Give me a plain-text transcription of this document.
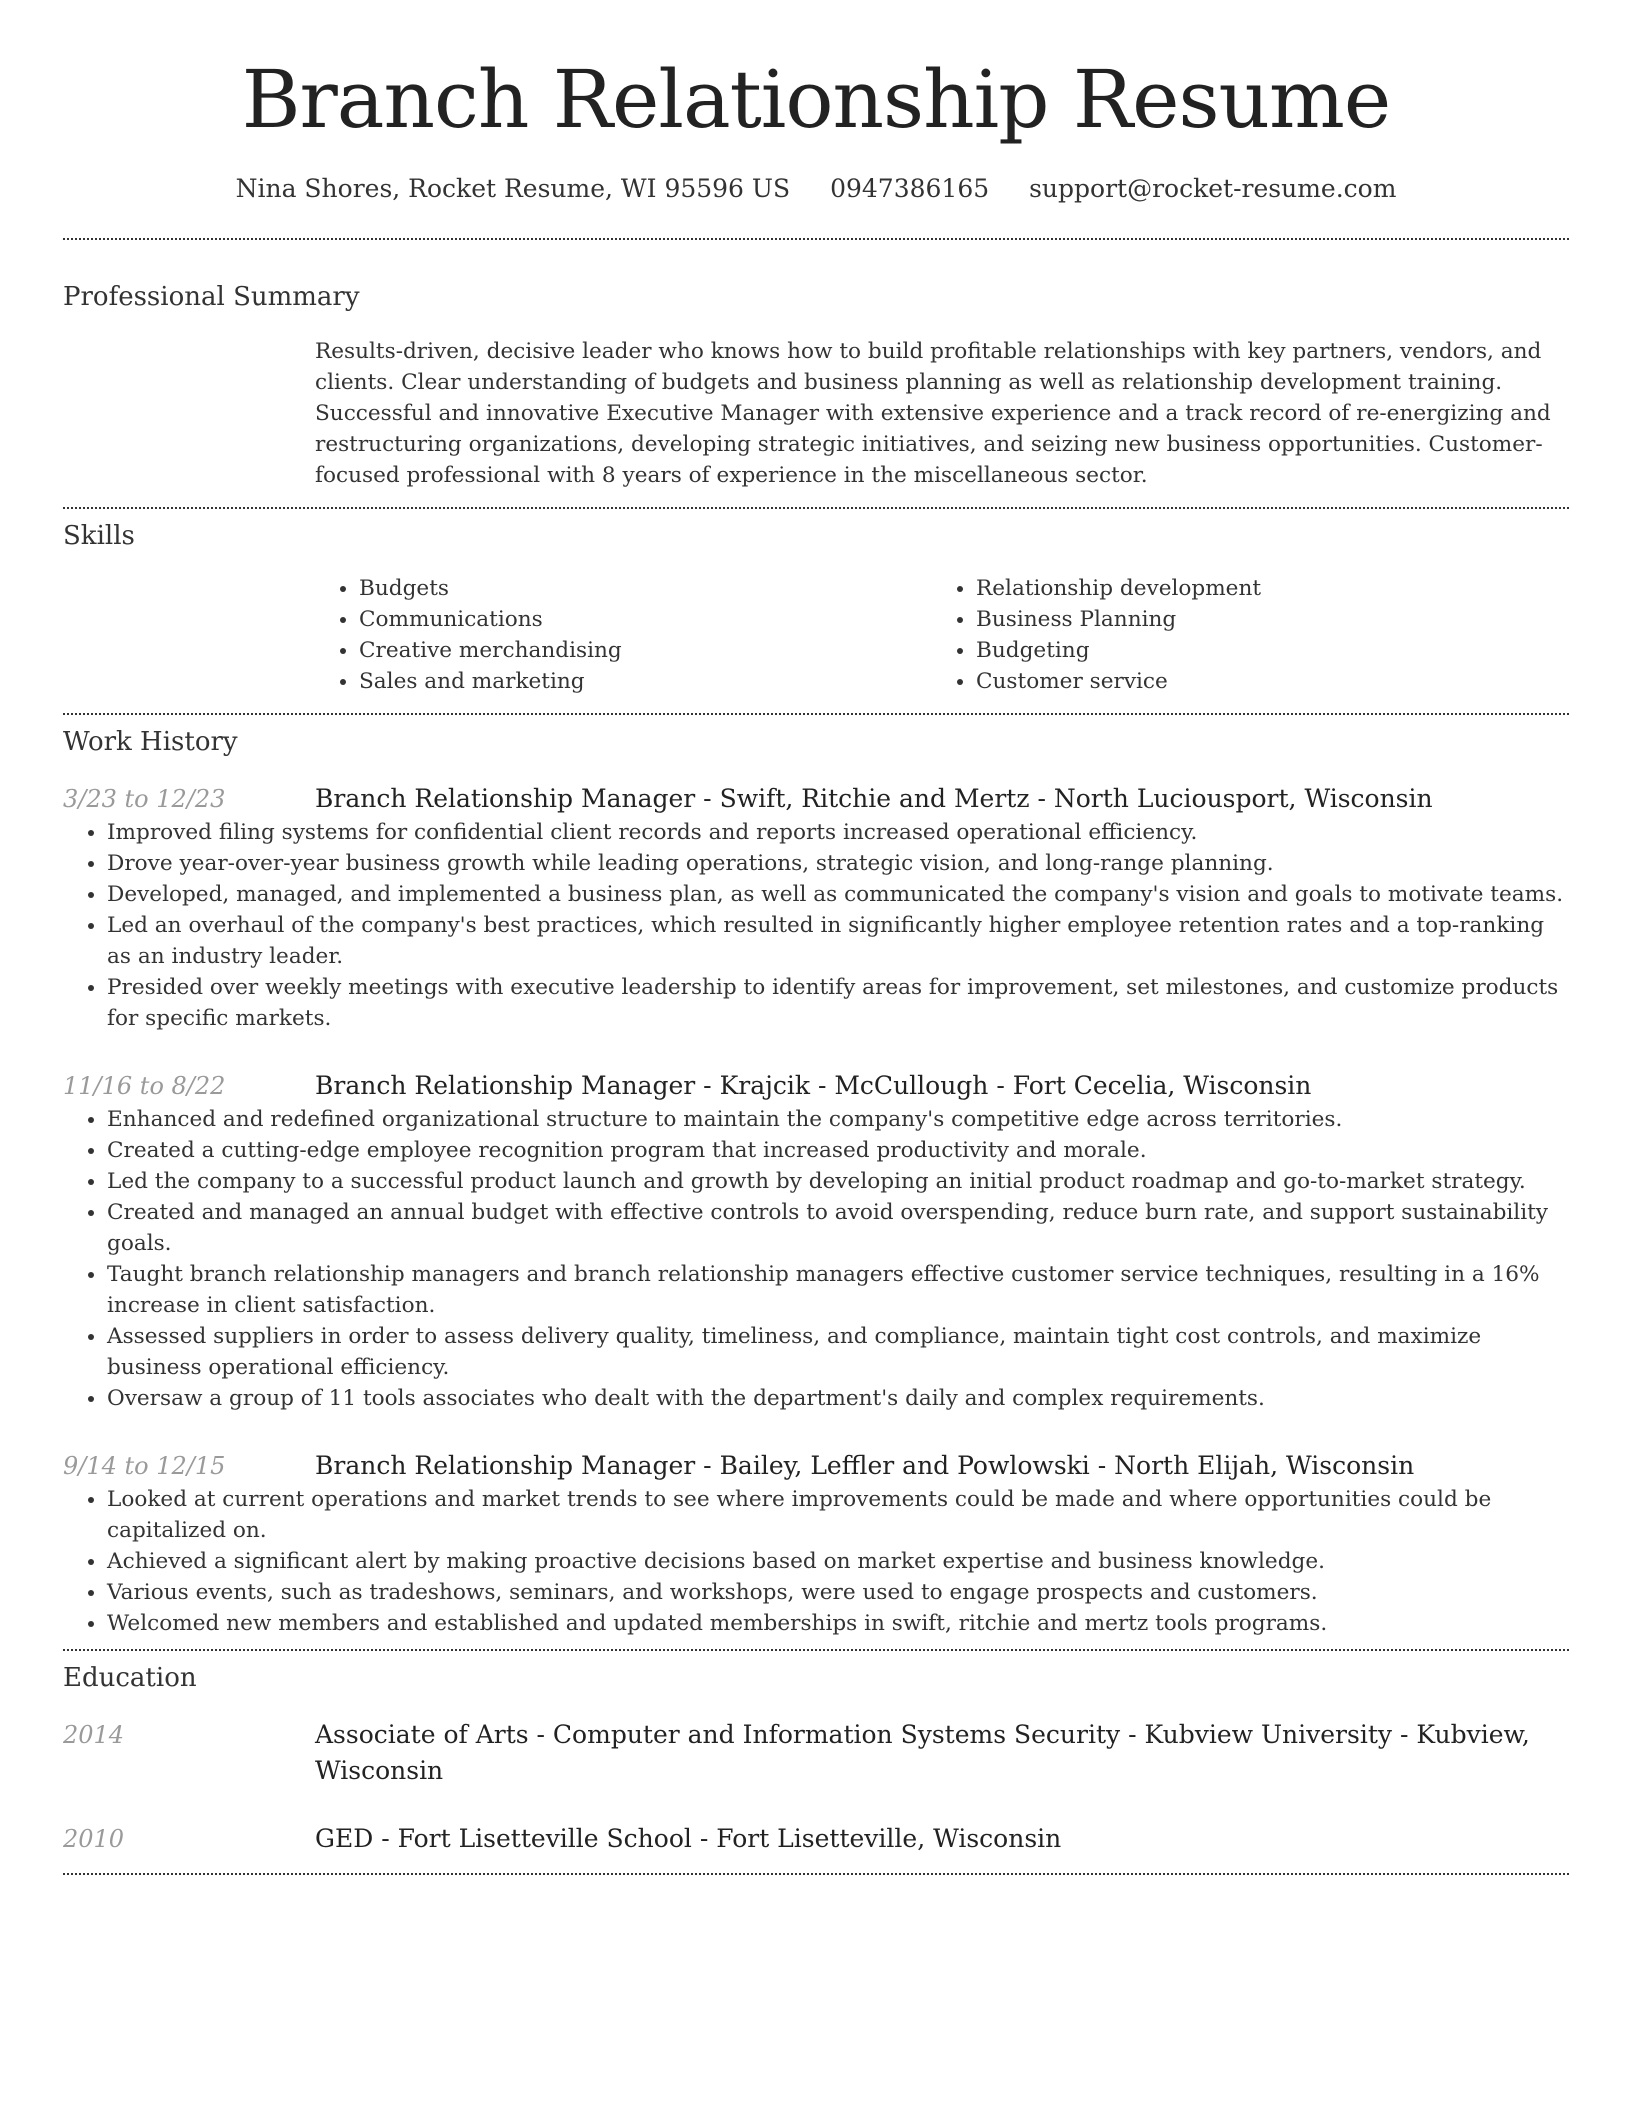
Branch Relationship Resume
Nina Shores, Rocket Resume, WI 95596 US 0947386165 support@rocket-resume.com
Professional Summary
Results-driven, decisive leader who knows how to build profitable relationships with key partners, vendors, and clients. Clear understanding of budgets and business planning as well as relationship development training. Successful and innovative Executive Manager with extensive experience and a track record of re-energizing and restructuring organizations, developing strategic initiatives, and seizing new business opportunities. Customer-focused professional with 8 years of experience in the miscellaneous sector.
Skills
• Budgets
• Communications
• Creative merchandising
• Sales and marketing
• Relationship development
• Business Planning
• Budgeting
• Customer service
Work History
3/23 to 12/23	Branch Relationship Manager - Swift, Ritchie and Mertz - North Luciousport, Wisconsin
• Improved filing systems for confidential client records and reports increased operational efficiency.
• Drove year-over-year business growth while leading operations, strategic vision, and long-range planning.
• Developed, managed, and implemented a business plan, as well as communicated the company's vision and goals to motivate teams.
• Led an overhaul of the company's best practices, which resulted in significantly higher employee retention rates and a top-ranking as an industry leader.
• Presided over weekly meetings with executive leadership to identify areas for improvement, set milestones, and customize products for specific markets.
11/16 to 8/22	Branch Relationship Manager - Krajcik - McCullough - Fort Cecelia, Wisconsin
• Enhanced and redefined organizational structure to maintain the company's competitive edge across territories.
• Created a cutting-edge employee recognition program that increased productivity and morale.
• Led the company to a successful product launch and growth by developing an initial product roadmap and go-to-market strategy.
• Created and managed an annual budget with effective controls to avoid overspending, reduce burn rate, and support sustainability goals.
• Taught branch relationship managers and branch relationship managers effective customer service techniques, resulting in a 16% increase in client satisfaction.
• Assessed suppliers in order to assess delivery quality, timeliness, and compliance, maintain tight cost controls, and maximize business operational efficiency.
• Oversaw a group of 11 tools associates who dealt with the department's daily and complex requirements.
9/14 to 12/15	Branch Relationship Manager - Bailey, Leffler and Powlowski - North Elijah, Wisconsin
• Looked at current operations and market trends to see where improvements could be made and where opportunities could be capitalized on.
• Achieved a significant alert by making proactive decisions based on market expertise and business knowledge.
• Various events, such as tradeshows, seminars, and workshops, were used to engage prospects and customers.
• Welcomed new members and established and updated memberships in swift, ritchie and mertz tools programs.
Education
2014	Associate of Arts - Computer and Information Systems Security - Kubview University - Kubview, Wisconsin
2010	GED - Fort Lisetteville School - Fort Lisetteville, Wisconsin
